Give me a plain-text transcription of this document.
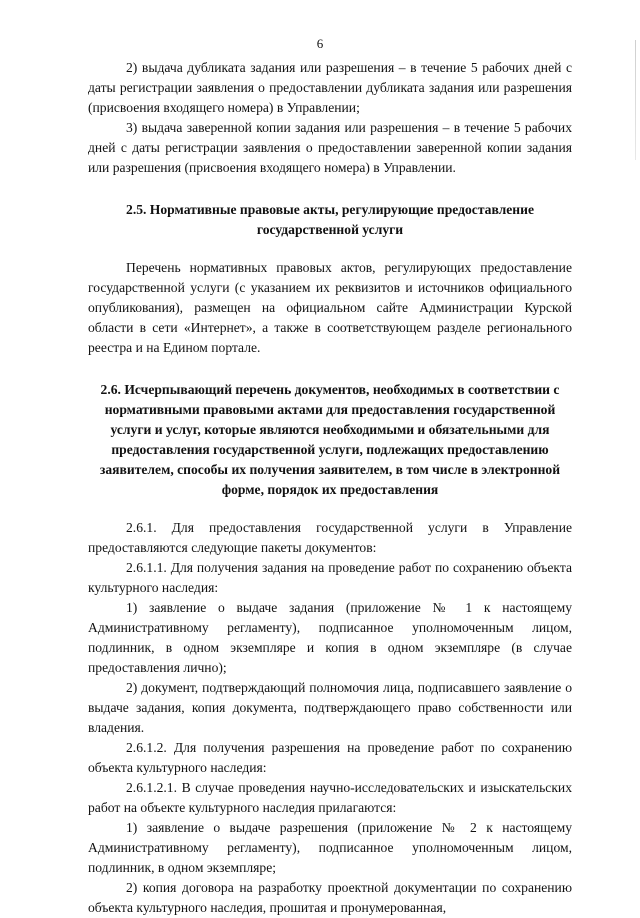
6

2) выдача дубликата задания или разрешения – в течение 5 рабочих дней с даты регистрации заявления о предоставлении дубликата задания или разрешения (присвоения входящего номера) в Управлении;

3) выдача заверенной копии задания или разрешения – в течение 5 рабочих дней с даты регистрации заявления о предоставлении заверенной копии задания или разрешения (присвоения входящего номера) в Управлении.

2.5. Нормативные правовые акты, регулирующие предоставление государственной услуги

Перечень нормативных правовых актов, регулирующих предоставление государственной услуги (с указанием их реквизитов и источников официального опубликования), размещен на официальном сайте Администрации Курской области в сети «Интернет», а также в соответствующем разделе регионального реестра и на Едином портале.

2.6. Исчерпывающий перечень документов, необходимых в соответствии с нормативными правовыми актами для предоставления государственной услуги и услуг, которые являются необходимыми и обязательными для предоставления государственной услуги, подлежащих предоставлению заявителем, способы их получения заявителем, в том числе в электронной форме, порядок их предоставления

2.6.1. Для предоставления государственной услуги в Управление предоставляются следующие пакеты документов:

2.6.1.1. Для получения задания на проведение работ по сохранению объекта культурного наследия:

1) заявление о выдаче задания (приложение № 1 к настоящему Административному регламенту), подписанное уполномоченным лицом, подлинник, в одном экземпляре и копия в одном экземпляре (в случае предоставления лично);

2) документ, подтверждающий полномочия лица, подписавшего заявление о выдаче задания, копия документа, подтверждающего право собственности или владения.

2.6.1.2. Для получения разрешения на проведение работ по сохранению объекта культурного наследия:

2.6.1.2.1. В случае проведения научно-исследовательских и изыскательских работ на объекте культурного наследия прилагаются:

1) заявление о выдаче разрешения (приложение № 2 к настоящему Административному регламенту), подписанное уполномоченным лицом, подлинник, в одном экземпляре;

2) копия договора на разработку проектной документации по сохранению объекта культурного наследия, прошитая и пронумерованная,
